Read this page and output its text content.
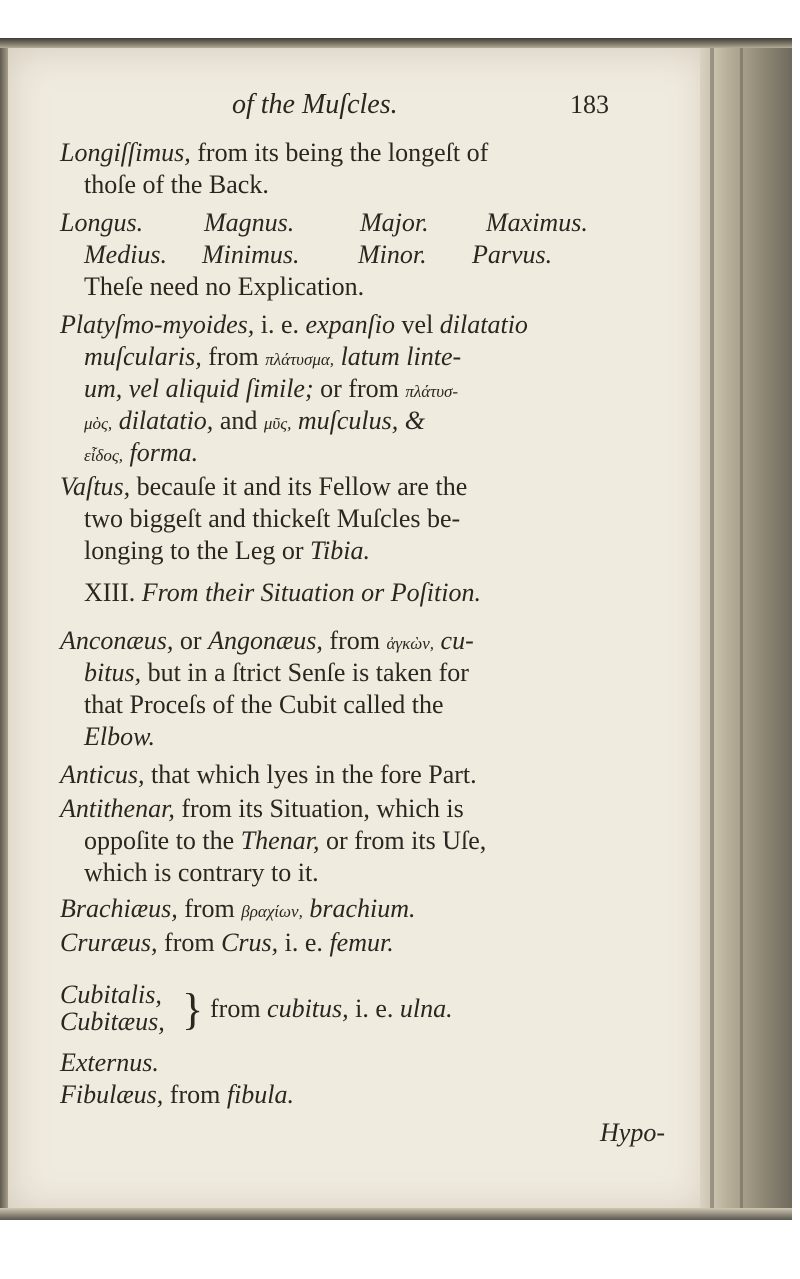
of the Muſcles.	183
Longiſſimus, from its being the longeſt of
thoſe of the Back.
Longus. Magnus.	Major. Maximus.
Medius. Minimus. Minor. Parvus.
Theſe need no Explication.
Platyſmo-myoides, i. e. expanſio vel dilatatio
muſcularis, from πλάτυσμα, latum linte-
um, vel aliquid ſimile; or from πλάτυσ-
μὸς, dilatatio, and μῦς, muſculus, &
εἶδος, forma.
Vaſtus, becauſe it and its Fellow are the
two biggeſt and thickeſt Muſcles be-
longing to the Leg or Tibia.
XIII. From their Situation or Poſition.
Anconæus, or Angonæus, from ἀγκὼν, cu-
bitus, but in a ſtrict Senſe is taken for
that Proceſs of the Cubit called the
Elbow.
Anticus, that which lyes in the fore Part.
Antithenar, from its Situation, which is
oppoſite to the Thenar, or from its Uſe,
which is contrary to it.
Brachiæus, from βραχίων, brachium.
Cruræus, from Crus, i. e. femur.
Cubitalis,
Cubitæus, } from cubitus, i. e. ulna.
Externus.
Fibulæus, from fibula.
Hypo-
